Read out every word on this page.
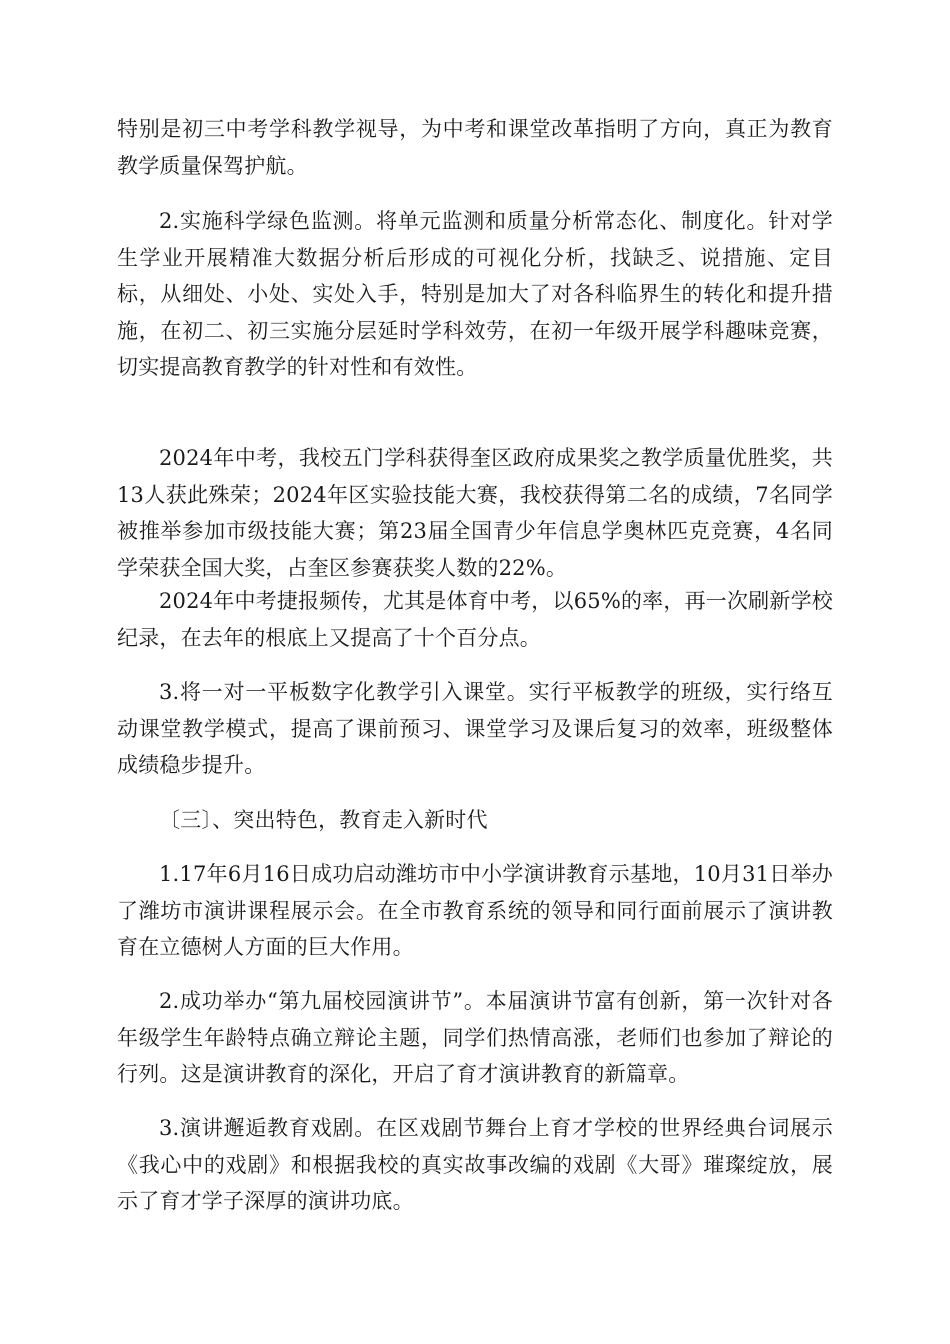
特别是初三中考学科教学视导，为中考和课堂改革指明了方向，真正为教育教学质量保驾护航。

2.实施科学绿色监测。将单元监测和质量分析常态化、制度化。针对学生学业开展精准大数据分析后形成的可视化分析，找缺乏、说措施、定目标，从细处、小处、实处入手，特别是加大了对各科临界生的转化和提升措施，在初二、初三实施分层延时学科效劳，在初一年级开展学科趣味竞赛，切实提高教育教学的针对性和有效性。

2024年中考，我校五门学科获得奎区政府成果奖之教学质量优胜奖，共13人获此殊荣；2024年区实验技能大赛，我校获得第二名的成绩，7名同学被推举参加市级技能大赛；第23届全国青少年信息学奥林匹克竞赛，4名同学荣获全国大奖，占奎区参赛获奖人数的22%。

2024年中考捷报频传，尤其是体育中考，以65%的率，再一次刷新学校纪录，在去年的根底上又提高了十个百分点。

3.将一对一平板数字化教学引入课堂。实行平板教学的班级，实行络互动课堂教学模式，提高了课前预习、课堂学习及课后复习的效率，班级整体成绩稳步提升。

〔三〕、突出特色，教育走入新时代

1.17年6月16日成功启动潍坊市中小学演讲教育示基地，10月31日举办了潍坊市演讲课程展示会。在全市教育系统的领导和同行面前展示了演讲教育在立德树人方面的巨大作用。

2.成功举办“第九届校园演讲节”。本届演讲节富有创新，第一次针对各年级学生年龄特点确立辩论主题，同学们热情高涨，老师们也参加了辩论的行列。这是演讲教育的深化，开启了育才演讲教育的新篇章。

3.演讲邂逅教育戏剧。在区戏剧节舞台上育才学校的世界经典台词展示《我心中的戏剧》和根据我校的真实故事改编的戏剧《大哥》璀璨绽放，展示了育才学子深厚的演讲功底。
